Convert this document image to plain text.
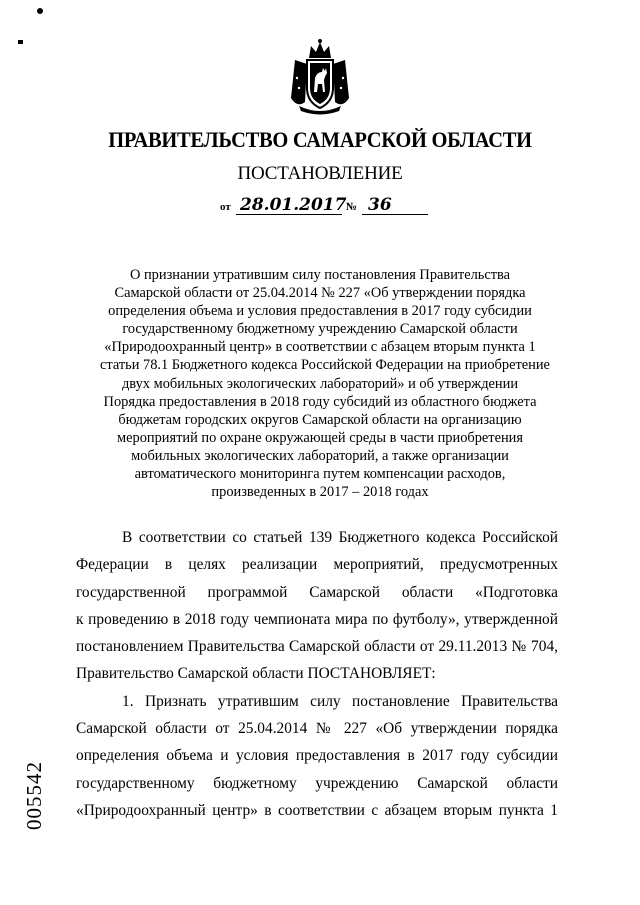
ПРАВИТЕЛЬСТВО САМАРСКОЙ ОБЛАСТИ
ПОСТАНОВЛЕНИЕ
от 28.01.2017 № 36
О признании утратившим силу постановления Правительства
Самарской области от 25.04.2014 № 227 «Об утверждении порядка
определения объема и условия предоставления в 2017 году субсидии
государственному бюджетному учреждению Самарской области
«Природоохранный центр» в соответствии с абзацем вторым пункта 1
статьи 78.1 Бюджетного кодекса Российской Федерации на приобретение
двух мобильных экологических лабораторий» и об утверждении
Порядка предоставления в 2018 году субсидий из областного бюджета
бюджетам городских округов Самарской области на организацию
мероприятий по охране окружающей среды в части приобретения
мобильных экологических лабораторий, а также организации
автоматического мониторинга путем компенсации расходов,
произведенных в 2017 – 2018 годах
В соответствии со статьей 139 Бюджетного кодекса Российской
Федерации в целях реализации мероприятий, предусмотренных
государственной программой Самарской области «Подготовка
к проведению в 2018 году чемпионата мира по футболу», утвержденной
постановлением Правительства Самарской области от 29.11.2013 № 704,
Правительство Самарской области ПОСТАНОВЛЯЕТ:
1. Признать утратившим силу постановление Правительства
Самарской области от 25.04.2014 № 227 «Об утверждении порядка
определения объема и условия предоставления в 2017 году субсидии
государственному бюджетному учреждению Самарской области
«Природоохранный центр» в соответствии с абзацем вторым пункта 1
005542
